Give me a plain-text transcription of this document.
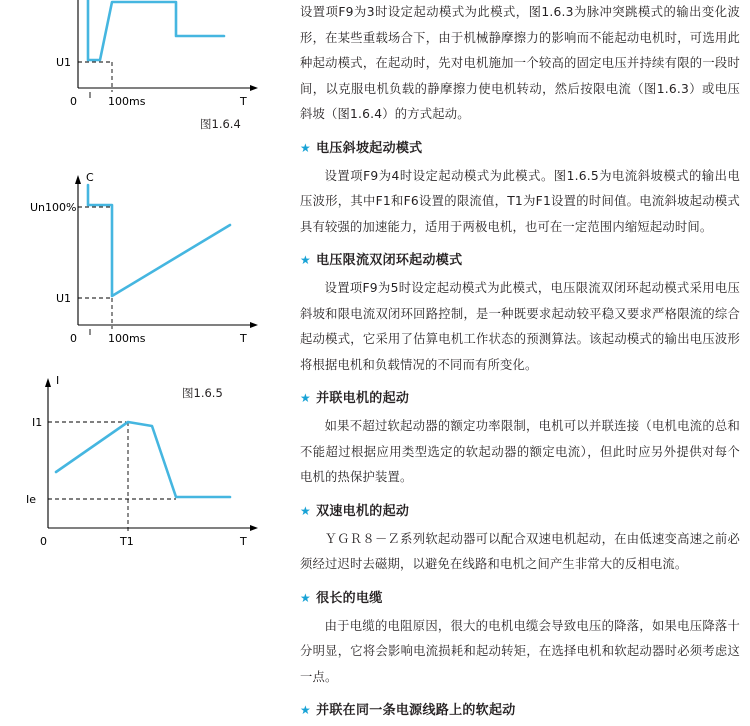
U1
0	100ms	T
图1.6.4
C
Un100%
U1
0	100ms	T
I
I1
Ie
0	T1	T
图1.6.5

设置项F9为3时设定起动模式为此模式，图1.6.3为脉冲突跳模式的输出变化波形，在某些重载场合下，由于机械静摩擦力的影响而不能起动电机时，可选用此种起动模式，在起动时，先对电机施加一个较高的固定电压并持续有限的一段时间，以克服电机负载的静摩擦力使电机转动，然后按限电流（图1.6.3）或电压斜坡（图1.6.4）的方式起动。

★ 电压斜坡起动模式

设置项F9为4时设定起动模式为此模式。图1.6.5为电流斜坡模式的输出电压波形，其中F1和F6设置的限流值，T1为F1设置的时间值。电流斜坡起动模式具有较强的加速能力，适用于两极电机，也可在一定范围内缩短起动时间。

★ 电压限流双闭环起动模式

设置项F9为5时设定起动模式为此模式，电压限流双闭环起动模式采用电压斜坡和限电流双闭环回路控制，是一种既要求起动较平稳又要求严格限流的综合起动模式，它采用了估算电机工作状态的预测算法。该起动模式的输出电压波形将根据电机和负载情况的不同而有所变化。

★ 并联电机的起动

如果不超过软起动器的额定功率限制，电机可以并联连接（电机电流的总和不能超过根据应用类型选定的软起动器的额定电流），但此时应另外提供对每个电机的热保护装置。

★ 双速电机的起动

ＹＧＲ８－Ｚ系列软起动器可以配合双速电机起动，在由低速变高速之前必须经过迟时去磁期，以避免在线路和电机之间产生非常大的反相电流。

★ 很长的电缆

由于电缆的电阻原因，很大的电机电缆会导致电压的降落，如果电压降落十分明显，它将会影响电流损耗和起动转矩，在选择电机和软起动器时必须考虑这一点。

★ 并联在同一条电源线路上的软起动
